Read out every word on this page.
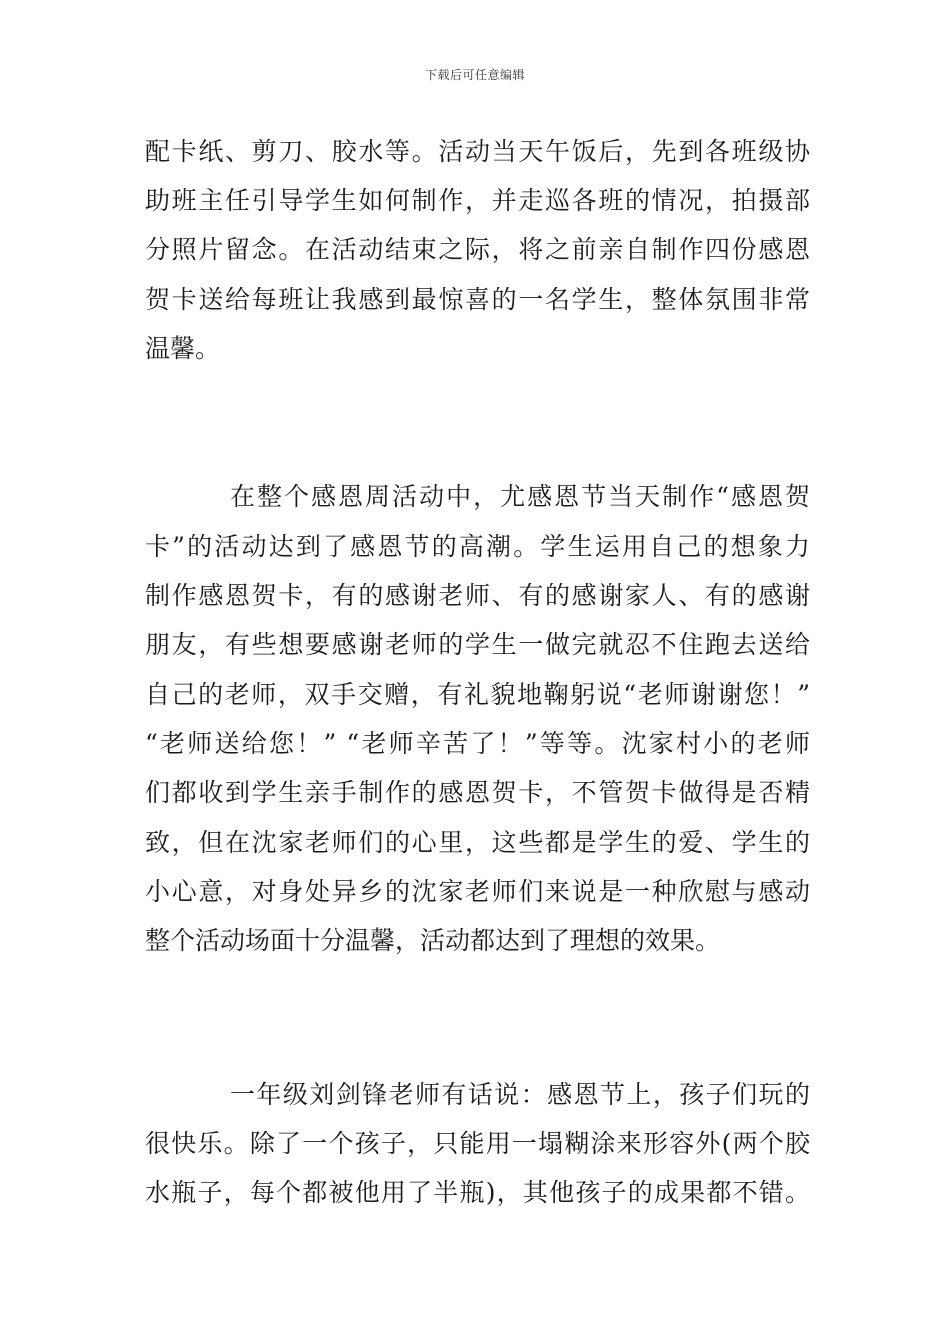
下载后可任意编辑
配卡纸、剪刀、胶水等。活动当天午饭后，先到各班级协
助班主任引导学生如何制作，并走巡各班的情况，拍摄部
分照片留念。在活动结束之际，将之前亲自制作四份感恩
贺卡送给每班让我感到最惊喜的一名学生，整体氛围非常
温馨。
在整个感恩周活动中，尤感恩节当天制作“感恩贺
卡”的活动达到了感恩节的高潮。学生运用自己的想象力
制作感恩贺卡，有的感谢老师、有的感谢家人、有的感谢
朋友，有些想要感谢老师的学生一做完就忍不住跑去送给
自己的老师，双手交赠，有礼貌地鞠躬说“老师谢谢您！”
“老师送给您！” “老师辛苦了！”等等。沈家村小的老师
们都收到学生亲手制作的感恩贺卡，不管贺卡做得是否精
致，但在沈家老师们的心里，这些都是学生的爱、学生的
小心意，对身处异乡的沈家老师们来说是一种欣慰与感动
整个活动场面十分温馨，活动都达到了理想的效果。
一年级刘剑锋老师有话说：感恩节上，孩子们玩的
很快乐。除了一个孩子，只能用一塌糊涂来形容外(两个胶
水瓶子，每个都被他用了半瓶)，其他孩子的成果都不错。
